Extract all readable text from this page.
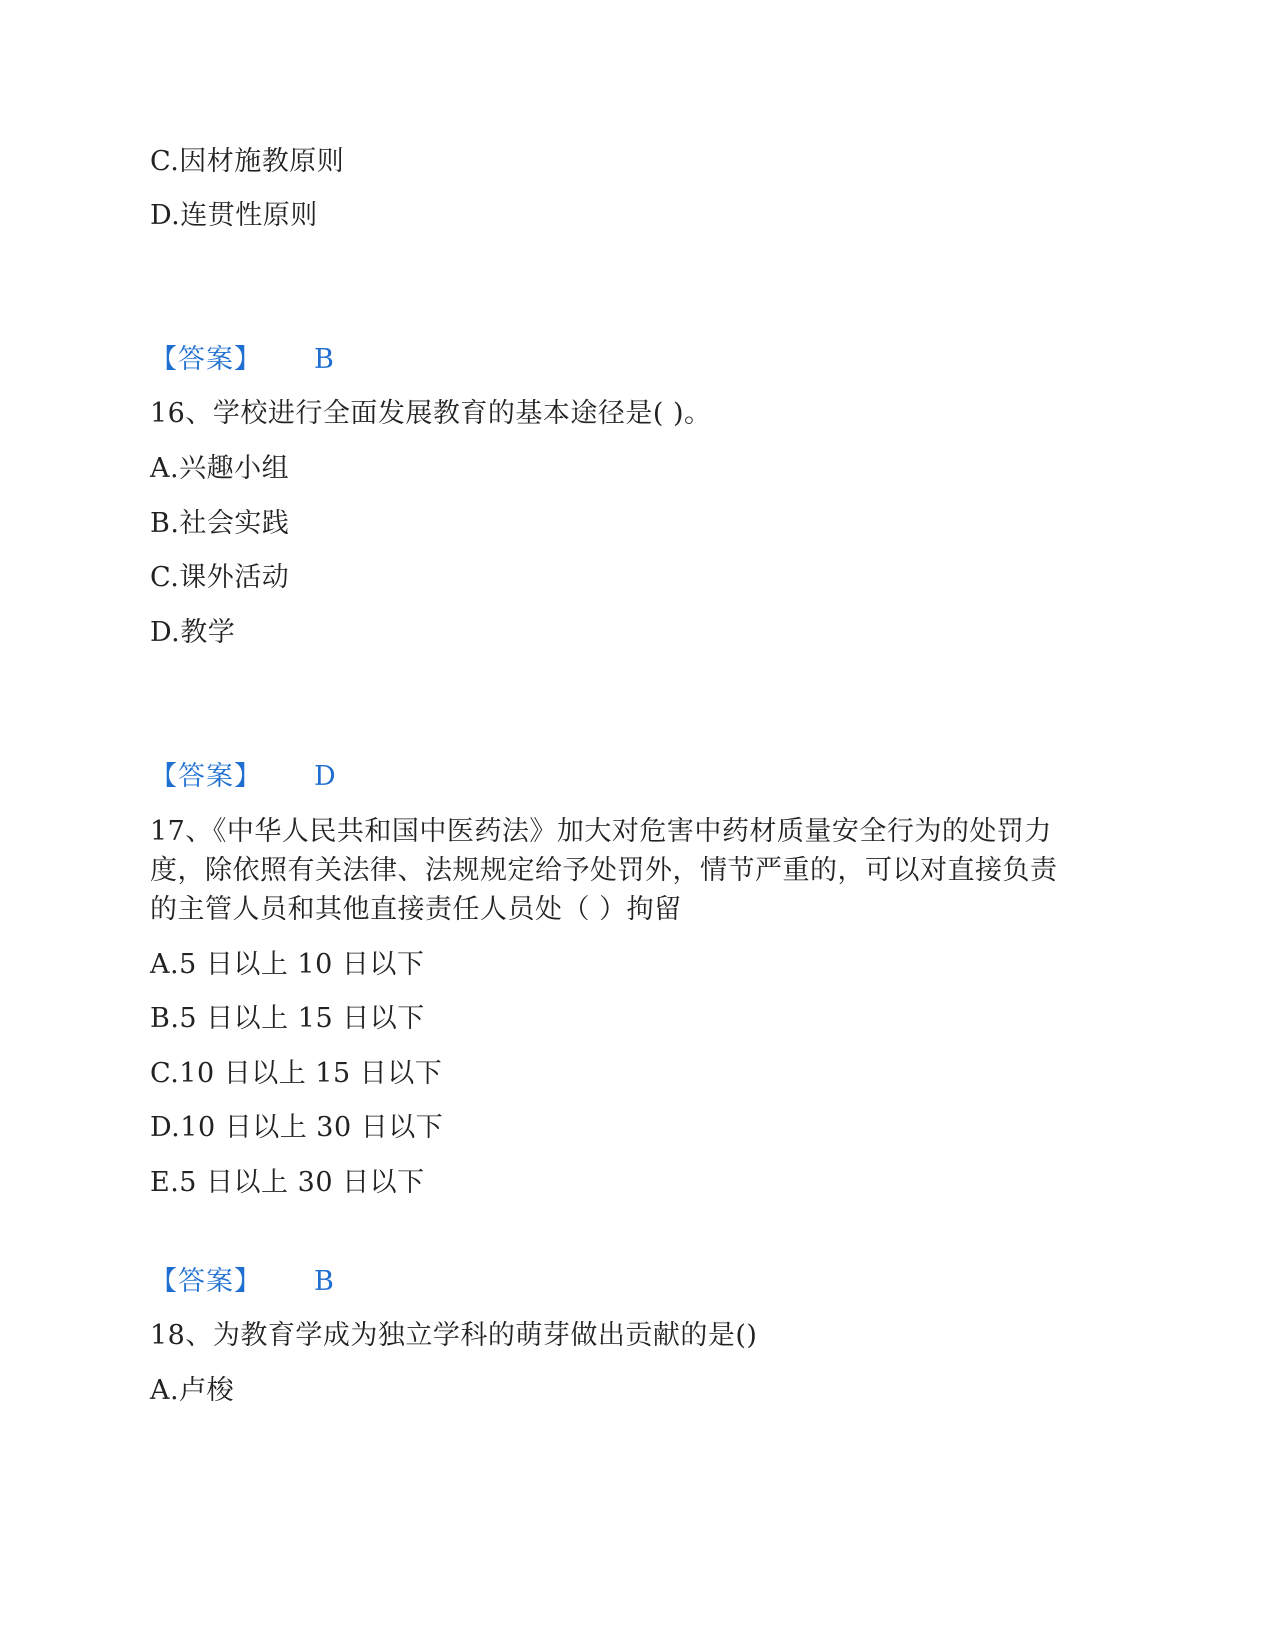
C.因材施教原则
D.连贯性原则
【答案】 B
16、学校进行全面发展教育的基本途径是( )。
A.兴趣小组
B.社会实践
C.课外活动
D.教学
【答案】 D
17、《中华人民共和国中医药法》加大对危害中药材质量安全行为的处罚力
度，除依照有关法律、法规规定给予处罚外，情节严重的，可以对直接负责
的主管人员和其他直接责任人员处（ ）拘留
A.5 日以上 10 日以下
B.5 日以上 15 日以下
C.10 日以上 15 日以下
D.10 日以上 30 日以下
E.5 日以上 30 日以下
【答案】 B
18、为教育学成为独立学科的萌芽做出贡献的是()
A.卢梭
